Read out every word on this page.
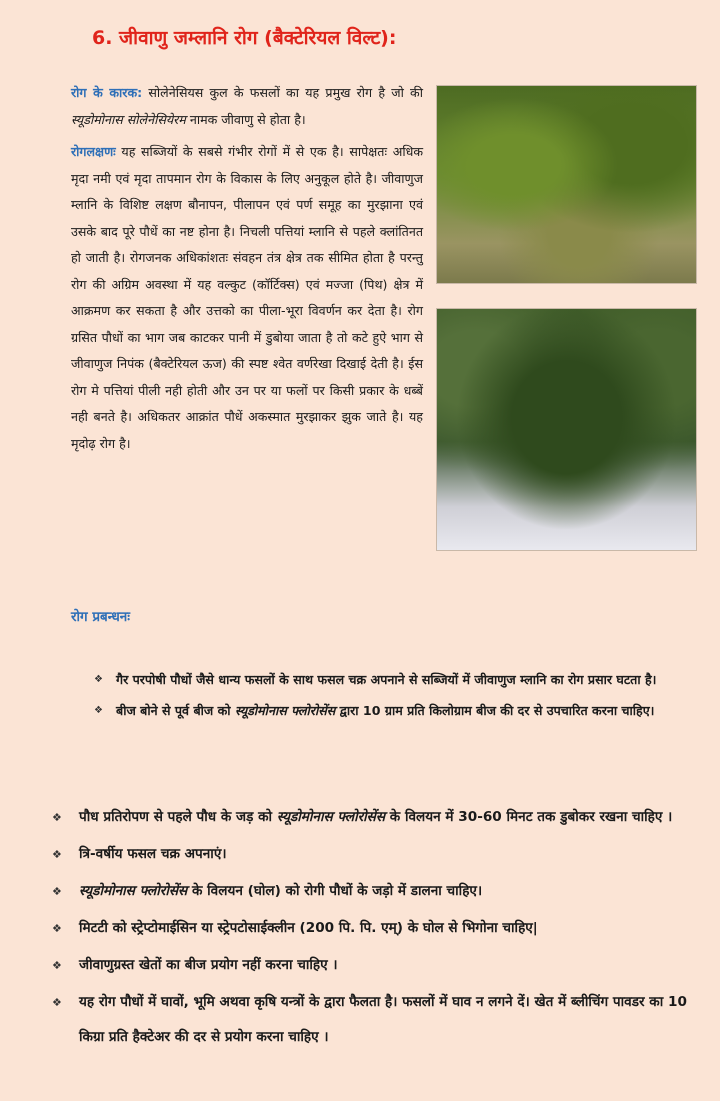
6. जीवाणु जम्लानि रोग (बैक्टेरियल विल्ट):

रोग के कारक: सोलेनेसियस कुल के फसलों का यह प्रमुख रोग है जो की स्यूडोमोनास सोलेनेसियेरम नामक जीवाणु से होता है।

रोगलक्षणः यह सब्जियों के सबसे गंभीर रोगों में से एक है। सापेक्षतः अधिक मृदा नमी एवं मृदा तापमान रोग के विकास के लिए अनुकूल होते है। जीवाणुज म्लानि के विशिष्ट लक्षण बौनापन, पीलापन एवं पर्ण समूह का मुरझाना एवं उसके बाद पूरे पौधें का नष्ट होना है। निचली पत्तियां म्लानि से पहले क्लांतिनत हो जाती है। रोगजनक अधिकांशतः संवहन तंत्र क्षेत्र तक सीमित होता है परन्तु रोग की अग्रिम अवस्था में यह वल्कुट (कॉर्टिक्स) एवं मज्जा (पिथ) क्षेत्र में आक्रमण कर सकता है और उत्तको का पीला-भूरा विवर्णन कर देता है। रोग ग्रसित पौधों का भाग जब काटकर पानी में डुबोया जाता है तो कटे हुऐ भाग से जीवाणुज निपंक (बैक्टेरियल ऊज) की स्पष्ट श्वेत वर्णरेखा दिखाई देती है। ईस रोग मे पत्तियां पीली नही होती और उन पर या फलों पर किसी प्रकार के धब्बें नही बनते है। अधिकतर आक्रांत पौधें अकस्मात मुरझाकर झुक जाते है। यह मृदोढ़ रोग है।

रोग प्रबन्धनः
❖ गैर परपोषी पौधों जैसे धान्य फसलों के साथ फसल चक्र अपनाने से सब्जियों में जीवाणुज म्लानि का रोग प्रसार घटता है।
❖ बीज बोने से पूर्व बीज को स्यूडोमोनास फ्लोरोसेंस द्वारा 10 ग्राम प्रति किलोग्राम बीज की दर से उपचारित करना चाहिए।
❖ पौध प्रतिरोपण से पहले पौध के जड़ को स्यूडोमोनास फ्लोरोसेंस के विलयन में 30-60 मिनट तक डुबोकर रखना चाहिए ।
❖ त्रि-वर्षीय फसल चक्र अपनाएं।
❖ स्यूडोमोनास फ्लोरोसेंस के विलयन (घोल) को रोगी पौधों के जड़ो में डालना चाहिए।
❖ मिटटी को स्ट्रेप्टोमाईसिन या स्ट्रेपटोसाईक्लीन (200 पि. पि. एम्) के घोल से भिगोना चाहिए|
❖ जीवाणुग्रस्त खेतों का बीज प्रयोग नहीं करना चाहिए ।
❖ यह रोग पौधों में घावों, भूमि अथवा कृषि यन्त्रों के द्वारा फैलता है। फसलों में घाव न लगने दें। खेत में ब्लीचिंग पावडर का 10 किग्रा प्रति हैक्टेअर की दर से प्रयोग करना चाहिए ।
